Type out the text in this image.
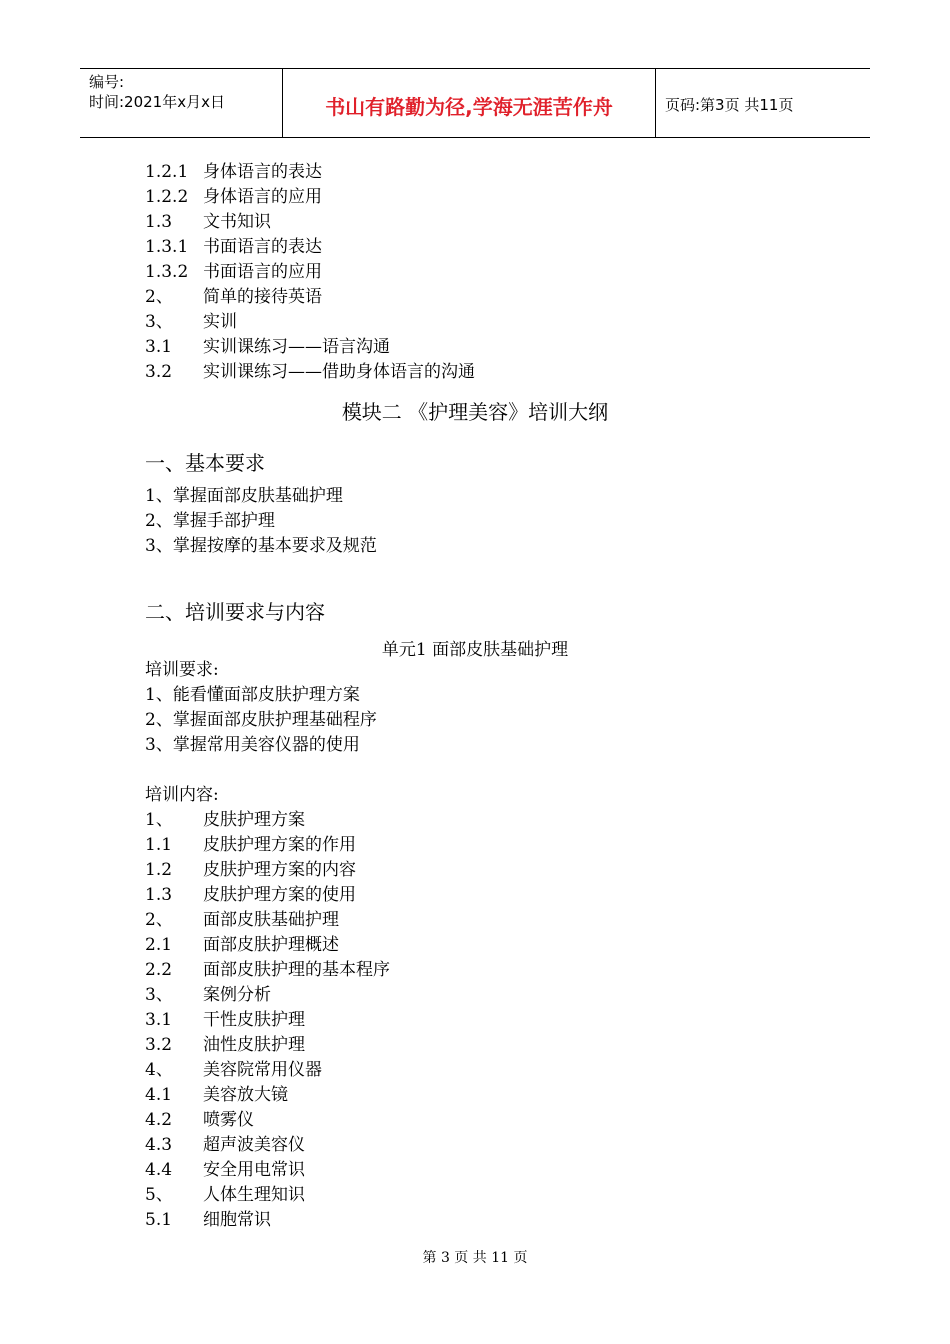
编号:
时间:2021年x月x日	书山有路勤为径,学海无涯苦作舟	页码:第3页 共11页
1.2.1 身体语言的表达
1.2.2 身体语言的应用
1.3 文书知识
1.3.1 书面语言的表达
1.3.2 书面语言的应用
2、 简单的接待英语
3、 实训
3.1 实训课练习——语言沟通
3.2 实训课练习——借助身体语言的沟通
模块二 《护理美容》培训大纲
一、基本要求
1、掌握面部皮肤基础护理
2、掌握手部护理
3、掌握按摩的基本要求及规范
二、培训要求与内容
单元1 面部皮肤基础护理
培训要求:
1、能看懂面部皮肤护理方案
2、掌握面部皮肤护理基础程序
3、掌握常用美容仪器的使用
培训内容:
1、 皮肤护理方案
1.1 皮肤护理方案的作用
1.2 皮肤护理方案的内容
1.3 皮肤护理方案的使用
2、 面部皮肤基础护理
2.1 面部皮肤护理概述
2.2 面部皮肤护理的基本程序
3、 案例分析
3.1 干性皮肤护理
3.2 油性皮肤护理
4、 美容院常用仪器
4.1 美容放大镜
4.2 喷雾仪
4.3 超声波美容仪
4.4 安全用电常识
5、 人体生理知识
5.1 细胞常识
第 3 页 共 11 页
